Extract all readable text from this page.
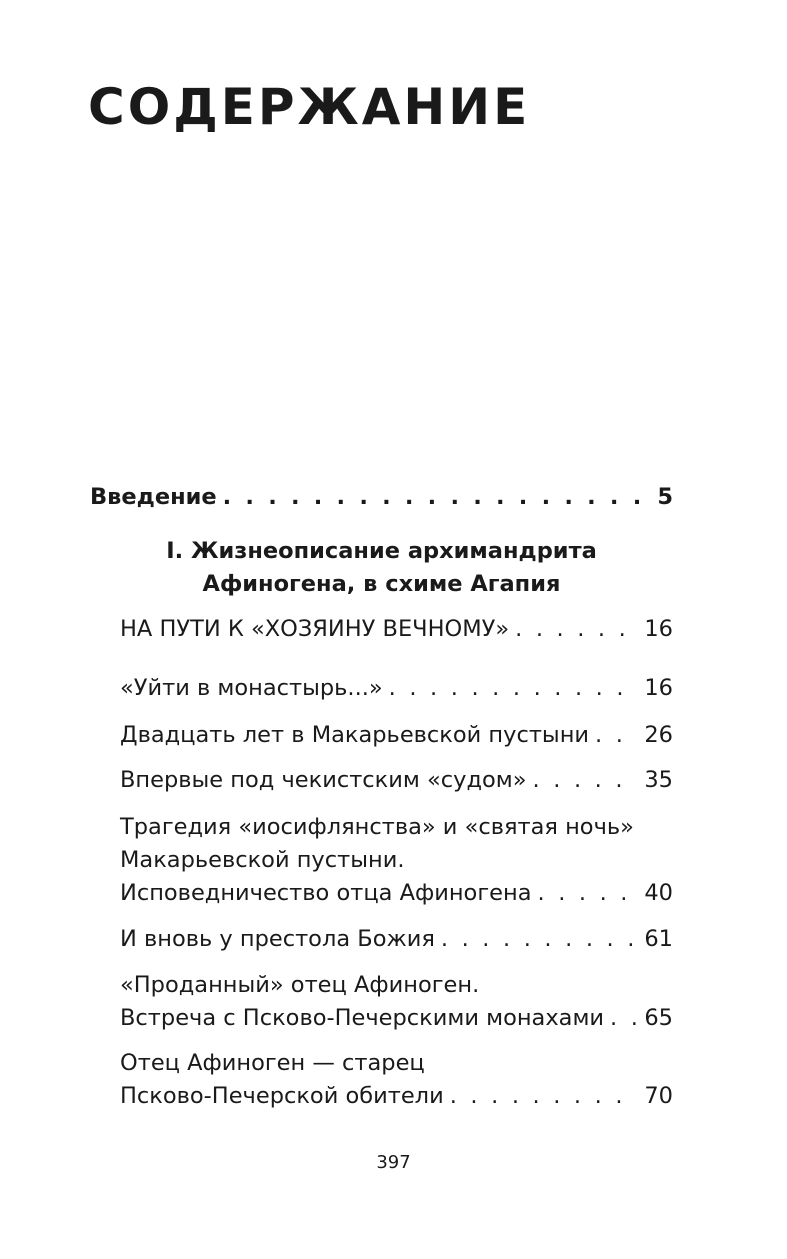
СОДЕРЖАНИЕ
Введение . . .	5
I. Жизнеописание архимандрита
Афиногена, в схиме Агапия
НА ПУТИ К «ХОЗЯИНУ ВЕЧНОМУ» . . .	16
«Уйти в монастырь...» . . .	16
Двадцать лет в Макарьевской пустыни . . . 26
Впервые под чекистским «судом» . . .	35
Трагедия «иосифлянства» и «святая ночь»
Макарьевской пустыни.
Исповедничество отца Афиногена . . .	40
И вновь у престола Божия . . .	61
«Проданный» отец Афиноген.
Встреча с Псково-Печерскими монахами . . . 65
Отец Афиноген — старец
Псково-Печерской обители . . .	70
397
